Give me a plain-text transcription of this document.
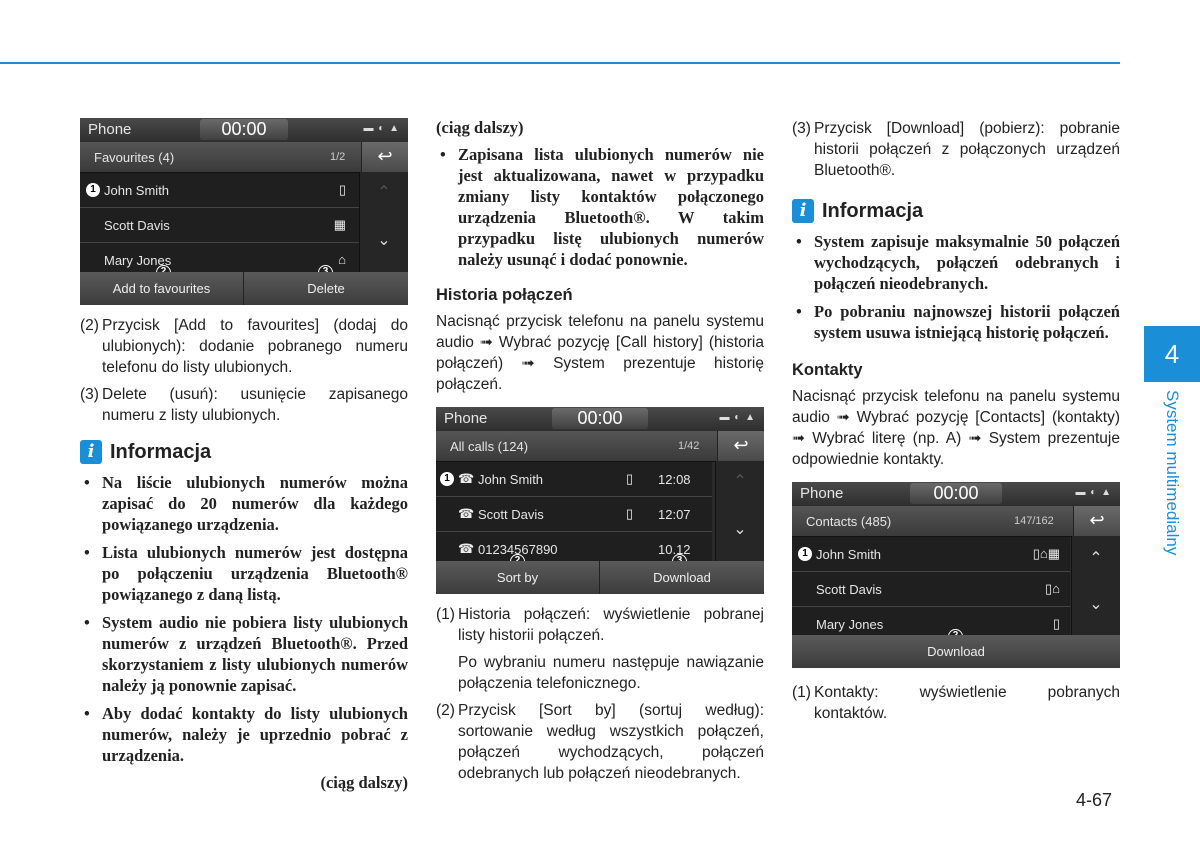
Phone	00:00	▬ ◐ ▲
Favourites (4)	1/2	↩
1 John Smith	▯
Scott Davis	▦
Mary Jones	⌂
⌃
⌄
Add to favourites	Delete
(2) Przycisk [Add to favourites] (dodaj do ulubionych): dodanie pobranego numeru telefonu do listy ulubionych.
(3) Delete (usuń): usunięcie zapisanego numeru z listy ulubionych.
i Informacja
• Na liście ulubionych numerów można zapisać do 20 numerów dla każdego powiązanego urządzenia.
• Lista ulubionych numerów jest dostępna po połączeniu urządzenia Bluetooth® powiązanego z daną listą.
• System audio nie pobiera listy ulubionych numerów z urządzeń Bluetooth®. Przed skorzystaniem z listy ulubionych numerów należy ją ponownie zapisać.
• Aby dodać kontakty do listy ulubionych numerów, należy je uprzednio pobrać z urządzenia.
(ciąg dalszy)
(ciąg dalszy)
• Zapisana lista ulubionych numerów nie jest aktualizowana, nawet w przypadku zmiany listy kontaktów połączonego urządzenia Bluetooth®. W takim przypadku listę ulubionych numerów należy usunąć i dodać ponownie.
Historia połączeń
Nacisnąć przycisk telefonu na panelu systemu audio ➟ Wybrać pozycję [Call history] (historia połączeń) ➟ System prezentuje historię połączeń.
Phone	00:00	▬ ◐ ▲
All calls (124)	1/42	↩
1 ☎ John Smith	▯ 12:08
☎ Scott Davis	▯ 12:07
☎ 01234567890	10.12
⌃
⌄
Sort by	Download
(1) Historia połączeń: wyświetlenie pobranej listy historii połączeń.
Po wybraniu numeru następuje nawiązanie połączenia telefonicznego.
(2) Przycisk [Sort by] (sortuj według): sortowanie według wszystkich połączeń, połączeń wychodzących, połączeń odebranych lub połączeń nieodebranych.
(3) Przycisk [Download] (pobierz): pobranie historii połączeń z połączonych urządzeń Bluetooth®.
i Informacja
• System zapisuje maksymalnie 50 połączeń wychodzących, połączeń odebranych i połączeń nieodebranych.
• Po pobraniu najnowszej historii połączeń system usuwa istniejącą historię połączeń.
Kontakty
Nacisnąć przycisk telefonu na panelu systemu audio ➟ Wybrać pozycję [Contacts] (kontakty) ➟ Wybrać literę (np. A) ➟ System prezentuje odpowiednie kontakty.
Phone	00:00	▬ ◐ ▲
Contacts (485)	147/162	↩
1 John Smith	▯⌂▦
Scott Davis	▯⌂
Mary Jones	▯
⌃
⌄
Download
(1) Kontakty: wyświetlenie pobranych kontaktów.
4
System multimedialny
4-67
